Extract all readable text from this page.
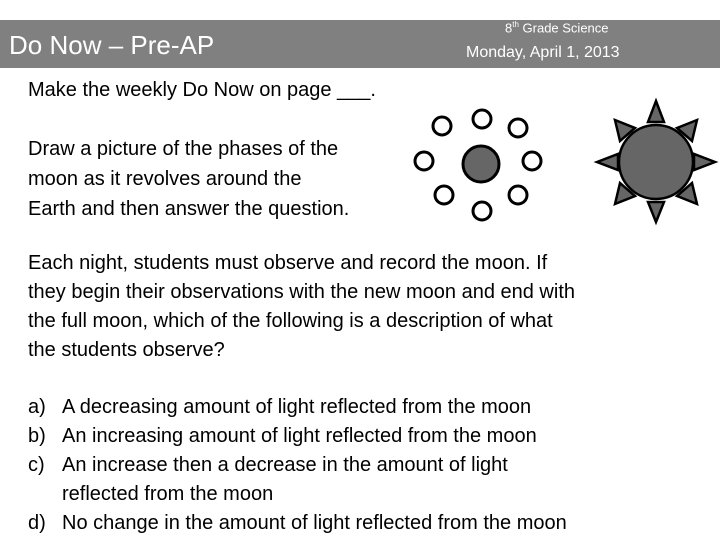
Do Now – Pre-AP
8th Grade Science
Monday, April 1, 2013
Make the weekly Do Now on page ___.
Draw a picture of the phases of the
moon as it revolves around the
Earth and then answer the question.
Each night, students must observe and record the moon. If
they begin their observations with the new moon and end with
the full moon, which of the following is a description of what
the students observe?
a) A decreasing amount of light reflected from the moon
b) An increasing amount of light reflected from the moon
c) An increase then a decrease in the amount of light
reflected from the moon
d) No change in the amount of light reflected from the moon
